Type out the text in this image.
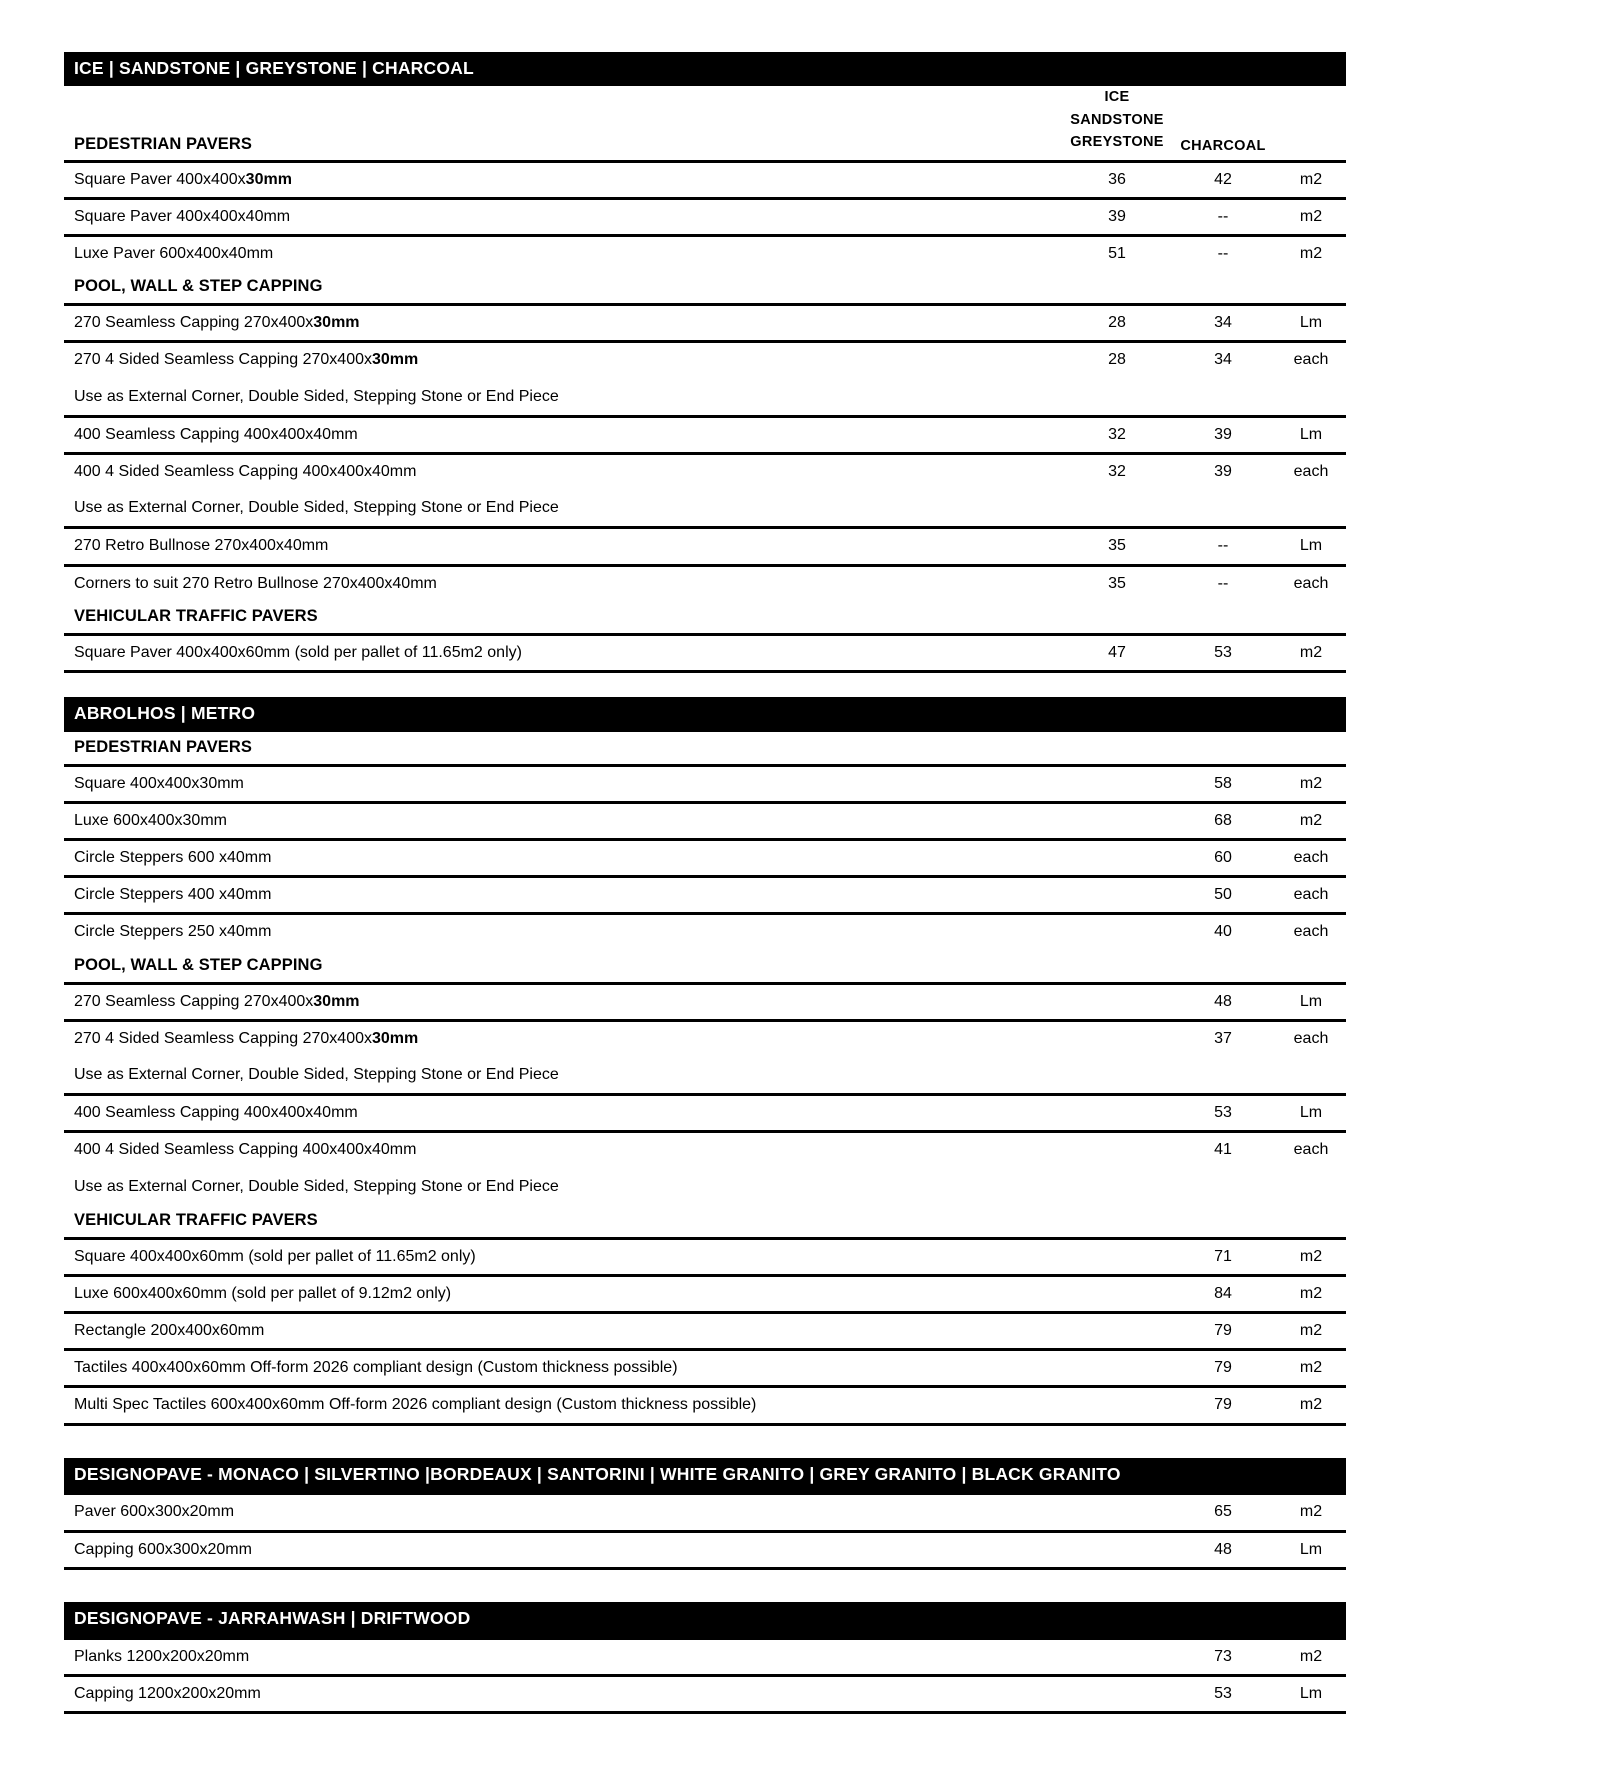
ICE | SANDSTONE | GREYSTONE | CHARCOAL			
PEDESTRIAN PAVERS	ICE
SANDSTONE
GREYSTONE	CHARCOAL	

Square Paver 400x400x30mm	36	42	m2
Square Paver 400x400x40mm	39	--	m2
Luxe Paver 600x400x40mm	51	--	m2
POOL, WALL & STEP CAPPING			
270 Seamless Capping 270x400x30mm	28	34	Lm
270 4 Sided Seamless Capping 270x400x30mm	28	34	each
Use as External Corner, Double Sided, Stepping Stone or End Piece			
400 Seamless Capping 400x400x40mm	32	39	Lm
400 4 Sided Seamless Capping 400x400x40mm	32	39	each
Use as External Corner, Double Sided, Stepping Stone or End Piece			
270 Retro Bullnose 270x400x40mm	35	--	Lm
Corners to suit 270 Retro Bullnose 270x400x40mm	35	--	each
VEHICULAR TRAFFIC PAVERS			
Square Paver 400x400x60mm (sold per pallet of 11.65m2 only)	47	53	m2

ABROLHOS | METRO			
PEDESTRIAN PAVERS			
Square 400x400x30mm		58	m2
Luxe 600x400x30mm		68	m2
Circle Steppers 600 x40mm		60	each
Circle Steppers 400 x40mm		50	each
Circle Steppers 250 x40mm		40	each
POOL, WALL & STEP CAPPING			
270 Seamless Capping 270x400x30mm		48	Lm
270 4 Sided Seamless Capping 270x400x30mm		37	each
Use as External Corner, Double Sided, Stepping Stone or End Piece			
400 Seamless Capping 400x400x40mm		53	Lm
400 4 Sided Seamless Capping 400x400x40mm		41	each
Use as External Corner, Double Sided, Stepping Stone or End Piece			
VEHICULAR TRAFFIC PAVERS			
Square 400x400x60mm (sold per pallet of 11.65m2 only)		71	m2
Luxe 600x400x60mm (sold per pallet of 9.12m2 only)		84	m2
Rectangle 200x400x60mm		79	m2
Tactiles 400x400x60mm Off-form 2026 compliant design (Custom thickness possible)		79	m2
Multi Spec Tactiles 600x400x60mm Off-form 2026 compliant design (Custom thickness possible)		79	m2

DESIGNOPAVE - MONACO | SILVERTINO |BORDEAUX | SANTORINI | WHITE GRANITO | GREY GRANITO | BLACK GRANITO			
Paver 600x300x20mm		65	m2
Capping 600x300x20mm		48	Lm

DESIGNOPAVE - JARRAHWASH | DRIFTWOOD			
Planks 1200x200x20mm		73	m2
Capping 1200x200x20mm		53	Lm
